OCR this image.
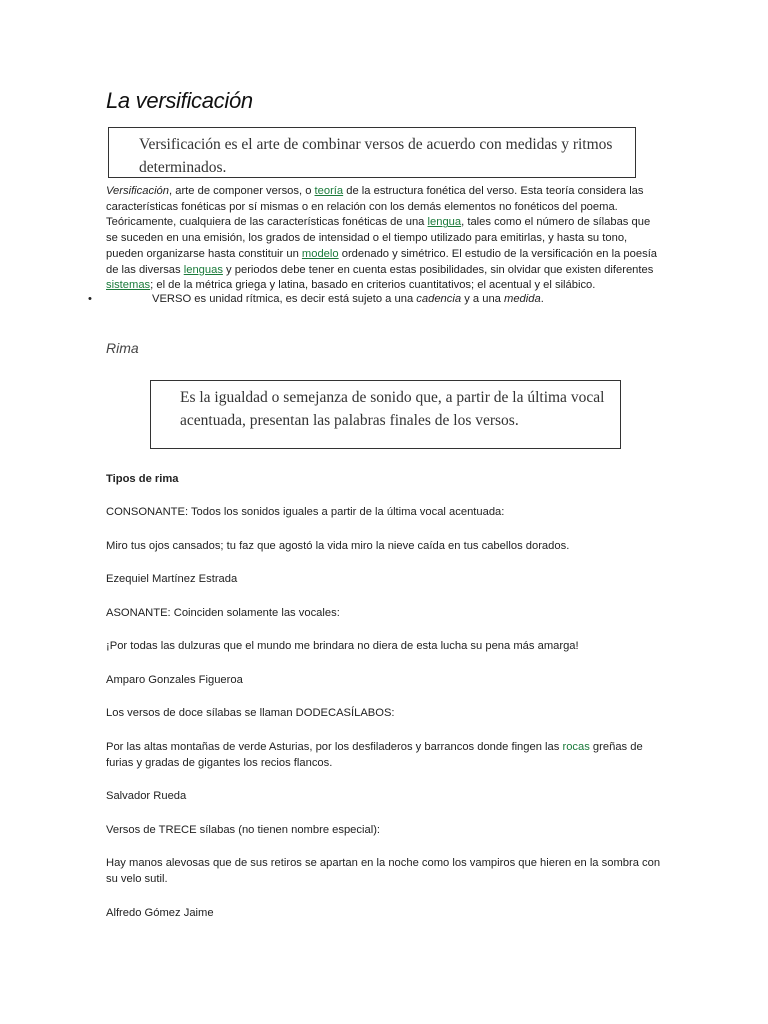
La versificación
Versificación es el arte de combinar versos de acuerdo con medidas y ritmos
determinados.

Versificación, arte de componer versos, o teoría de la estructura fonética del verso. Esta teoría considera las características fonéticas por sí mismas o en relación con los demás elementos no fonéticos del poema. Teóricamente, cualquiera de las características fonéticas de una lengua, tales como el número de sílabas que se suceden en una emisión, los grados de intensidad o el tiempo utilizado para emitirlas, y hasta su tono, pueden organizarse hasta constituir un modelo ordenado y simétrico. El estudio de la versificación en la poesía de las diversas lenguas y periodos debe tener en cuenta estas posibilidades, sin olvidar que existen diferentes sistemas; el de la métrica griega y latina, basado en criterios cuantitativos; el acentual y el silábico.

•	VERSO es unidad rítmica, es decir está sujeto a una cadencia y a una medida.
Rima
Es la igualdad o semejanza de sonido que, a partir de la última vocal
acentuada, presentan las palabras finales de los versos.

Tipos de rima

CONSONANTE: Todos los sonidos iguales a partir de la última vocal acentuada:

Miro tus ojos cansados; tu faz que agostó la vida miro la nieve caída en tus cabellos dorados.

Ezequiel Martínez Estrada

ASONANTE: Coinciden solamente las vocales:

¡Por todas las dulzuras que el mundo me brindara no diera de esta lucha su pena más amarga!

Amparo Gonzales Figueroa

Los versos de doce sílabas se llaman DODECASÍLABOS:

Por las altas montañas de verde Asturias, por los desfiladeros y barrancos donde fingen las rocas greñas de furias y gradas de gigantes los recios flancos.

Salvador Rueda

Versos de TRECE sílabas (no tienen nombre especial):

Hay manos alevosas que de sus retiros se apartan en la noche como los vampiros que hieren en la sombra con su velo sutil.

Alfredo Gómez Jaime
